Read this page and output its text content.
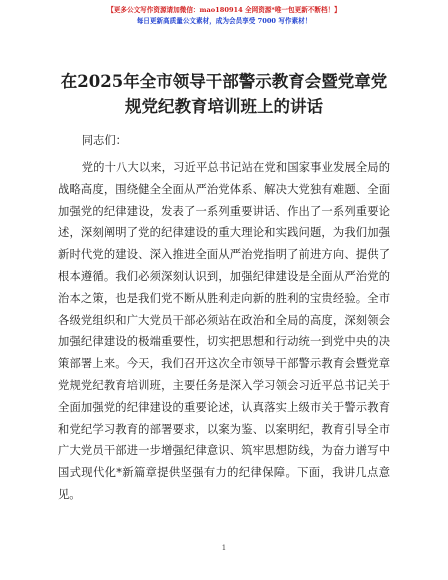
【更多公文写作资源请加微信：mao180914 全网资源*唯一包更新不断档！】
每日更新高质量公文素材，成为会员享受 7000 写作素材！
在2025年全市领导干部警示教育会暨党章党规党纪教育培训班上的讲话
同志们：
党的十八大以来，习近平总书记站在党和国家事业发展全局的战略高度，围绕健全全面从严治党体系、解决大党独有难题、全面加强党的纪律建设，发表了一系列重要讲话、作出了一系列重要论述，深刻阐明了党的纪律建设的重大理论和实践问题，为我们加强新时代党的建设、深入推进全面从严治党指明了前进方向、提供了根本遵循。我们必须深刻认识到，加强纪律建设是全面从严治党的治本之策，也是我们党不断从胜利走向新的胜利的宝贵经验。全市各级党组织和广大党员干部必须站在政治和全局的高度，深刻领会加强纪律建设的极端重要性，切实把思想和行动统一到党中央的决策部署上来。今天，我们召开这次全市领导干部警示教育会暨党章党规党纪教育培训班，主要任务是深入学习领会习近平总书记关于全面加强党的纪律建设的重要论述，认真落实上级市关于警示教育和党纪学习教育的部署要求，以案为鉴、以案明纪，教育引导全市广大党员干部进一步增强纪律意识、筑牢思想防线，为奋力谱写中国式现代化*新篇章提供坚强有力的纪律保障。下面，我讲几点意见。
1
